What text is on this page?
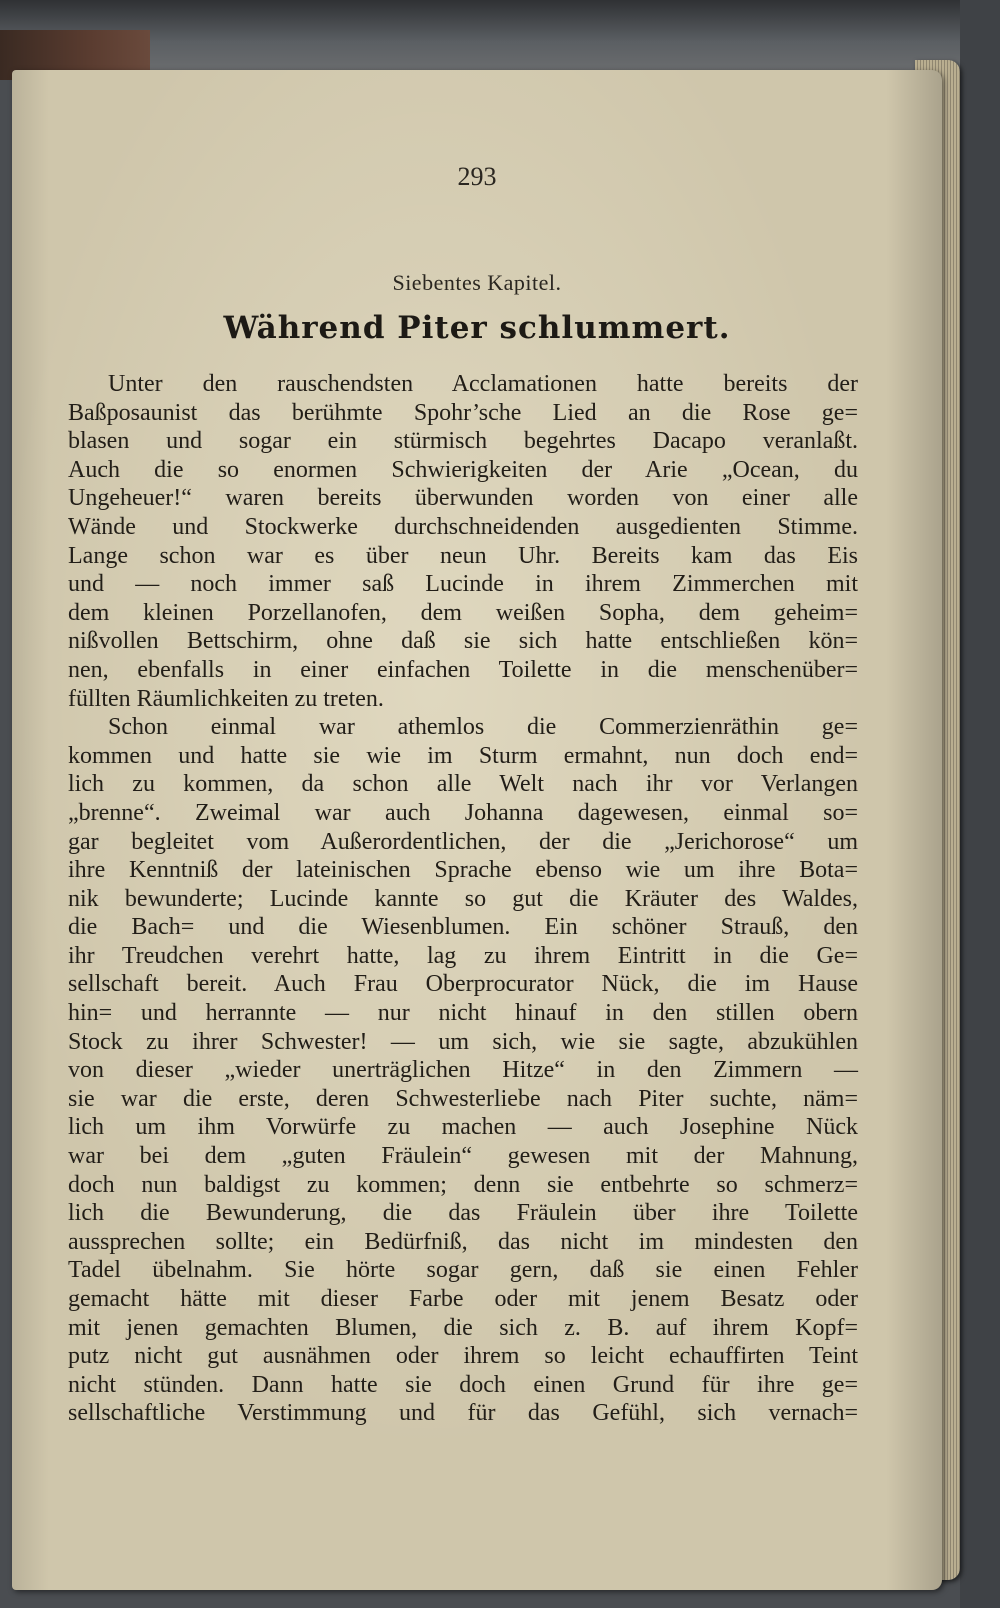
293
Siebentes Kapitel.
Während Piter schlummert.
Unter den rauschendsten Acclamationen hatte bereits der
Baßposaunist das berühmte Spohr’sche Lied an die Rose ge=
blasen und sogar ein stürmisch begehrtes Dacapo veranlaßt.
Auch die so enormen Schwierigkeiten der Arie „Ocean, du
Ungeheuer!“ waren bereits überwunden worden von einer alle
Wände und Stockwerke durchschneidenden ausgedienten Stimme.
Lange schon war es über neun Uhr. Bereits kam das Eis
und — noch immer saß Lucinde in ihrem Zimmerchen mit
dem kleinen Porzellanofen, dem weißen Sopha, dem geheim=
nißvollen Bettschirm, ohne daß sie sich hatte entschließen kön=
nen, ebenfalls in einer einfachen Toilette in die menschenüber=
füllten Räumlichkeiten zu treten.
Schon einmal war athemlos die Commerzienräthin ge=
kommen und hatte sie wie im Sturm ermahnt, nun doch end=
lich zu kommen, da schon alle Welt nach ihr vor Verlangen
„brenne“. Zweimal war auch Johanna dagewesen, einmal so=
gar begleitet vom Außerordentlichen, der die „Jerichorose“ um
ihre Kenntniß der lateinischen Sprache ebenso wie um ihre Bota=
nik bewunderte; Lucinde kannte so gut die Kräuter des Waldes,
die Bach= und die Wiesenblumen. Ein schöner Strauß, den
ihr Treudchen verehrt hatte, lag zu ihrem Eintritt in die Ge=
sellschaft bereit. Auch Frau Oberprocurator Nück, die im Hause
hin= und herrannte — nur nicht hinauf in den stillen obern
Stock zu ihrer Schwester! — um sich, wie sie sagte, abzukühlen
von dieser „wieder unerträglichen Hitze“ in den Zimmern —
sie war die erste, deren Schwesterliebe nach Piter suchte, näm=
lich um ihm Vorwürfe zu machen — auch Josephine Nück
war bei dem „guten Fräulein“ gewesen mit der Mahnung,
doch nun baldigst zu kommen; denn sie entbehrte so schmerz=
lich die Bewunderung, die das Fräulein über ihre Toilette
aussprechen sollte; ein Bedürfniß, das nicht im mindesten den
Tadel übelnahm. Sie hörte sogar gern, daß sie einen Fehler
gemacht hätte mit dieser Farbe oder mit jenem Besatz oder
mit jenen gemachten Blumen, die sich z. B. auf ihrem Kopf=
putz nicht gut ausnähmen oder ihrem so leicht echauffirten Teint
nicht stünden. Dann hatte sie doch einen Grund für ihre ge=
sellschaftliche Verstimmung und für das Gefühl, sich vernach=
